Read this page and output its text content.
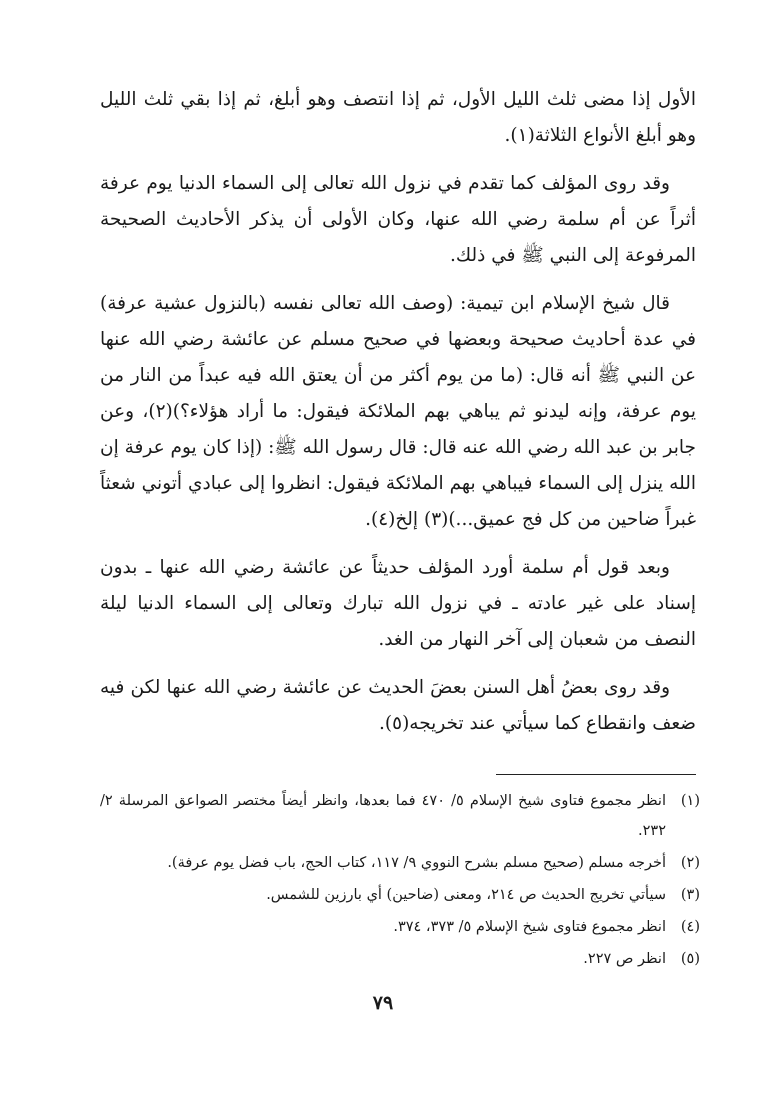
الأول إذا مضى ثلث الليل الأول، ثم إذا انتصف وهو أبلغ، ثم إذا بقي ثلث الليل وهو أبلغ الأنواع الثلاثة(١).

وقد روى المؤلف كما تقدم في نزول الله تعالى إلى السماء الدنيا يوم عرفة أثراً عن أم سلمة رضي الله عنها، وكان الأولى أن يذكر الأحاديث الصحيحة المرفوعة إلى النبي ﷺ في ذلك.

قال شيخ الإسلام ابن تيمية: (وصف الله تعالى نفسه (بالنزول عشية عرفة) في عدة أحاديث صحيحة وبعضها في صحيح مسلم عن عائشة رضي الله عنها عن النبي ﷺ أنه قال: (ما من يوم أكثر من أن يعتق الله فيه عبداً من النار من يوم عرفة، وإنه ليدنو ثم يباهي بهم الملائكة فيقول: ما أراد هؤلاء؟)(٢)، وعن جابر بن عبد الله رضي الله عنه قال: قال رسول الله ﷺ: (إذا كان يوم عرفة إن الله ينزل إلى السماء فيباهي بهم الملائكة فيقول: انظروا إلى عبادي أتوني شعثاً غبراً ضاحين من كل فج عميق...)(٣) إلخ(٤).

وبعد قول أم سلمة أورد المؤلف حديثاً عن عائشة رضي الله عنها ـ بدون إسناد على غير عادته ـ في نزول الله تبارك وتعالى إلى السماء الدنيا ليلة النصف من شعبان إلى آخر النهار من الغد.

وقد روى بعضُ أهل السنن بعضَ الحديث عن عائشة رضي الله عنها لكن فيه ضعف وانقطاع كما سيأتي عند تخريجه(٥).

(١)
انظر مجموع فتاوى شيخ الإسلام ٥/ ٤٧٠ فما بعدها، وانظر أيضاً مختصر الصواعق المرسلة ٢/ ٢٣٢.
(٢)
أخرجه مسلم (صحيح مسلم بشرح النووي ٩/ ١١٧، كتاب الحج، باب فضل يوم عرفة).
(٣)
سيأتي تخريج الحديث ص ٢١٤، ومعنى (ضاحين) أي بارزين للشمس.
(٤)
انظر مجموع فتاوى شيخ الإسلام ٥/ ٣٧٣، ٣٧٤.
(٥)
انظر ص ٢٢٧.
٧٩
